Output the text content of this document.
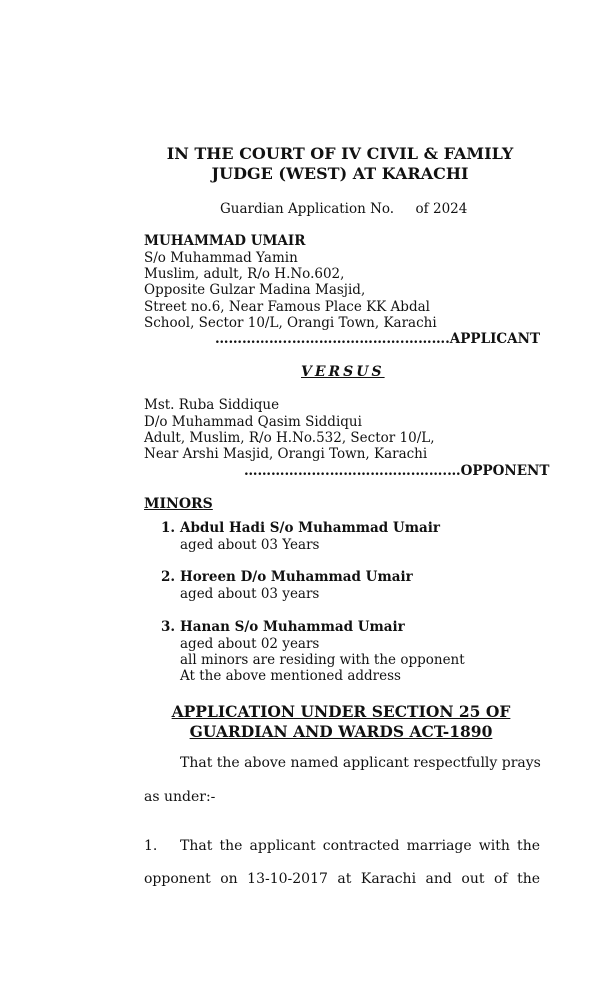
IN THE COURT OF IV CIVIL & FAMILY
JUDGE (WEST) AT KARACHI
Guardian Application No.     of 2024
MUHAMMAD UMAIR
S/o Muhammad Yamin
Muslim, adult, R/o H.No.602,
Opposite Gulzar Madina Masjid,
Street no.6, Near Famous Place KK Abdal
School, Sector 10/L, Orangi Town, Karachi
……………..…………………….……….APPLICANT
VERSUS
Mst. Ruba Siddique
D/o Muhammad Qasim Siddiqui
Adult, Muslim, R/o H.No.532, Sector 10/L,
Near Arshi Masjid, Orangi Town, Karachi
……………….……………….…….…OPPONENT
MINORS
1. Abdul Hadi S/o Muhammad Umair
aged about 03 Years
2. Horeen D/o Muhammad Umair
aged about 03 years
3. Hanan S/o Muhammad Umair
aged about 02 years
all minors are residing with the opponent
At the above mentioned address
APPLICATION UNDER SECTION 25 OF
GUARDIAN AND WARDS ACT-1890
That the above named applicant respectfully prays
as under:-
1. That the applicant contracted marriage with the
opponent on 13-10-2017 at Karachi and out of the
